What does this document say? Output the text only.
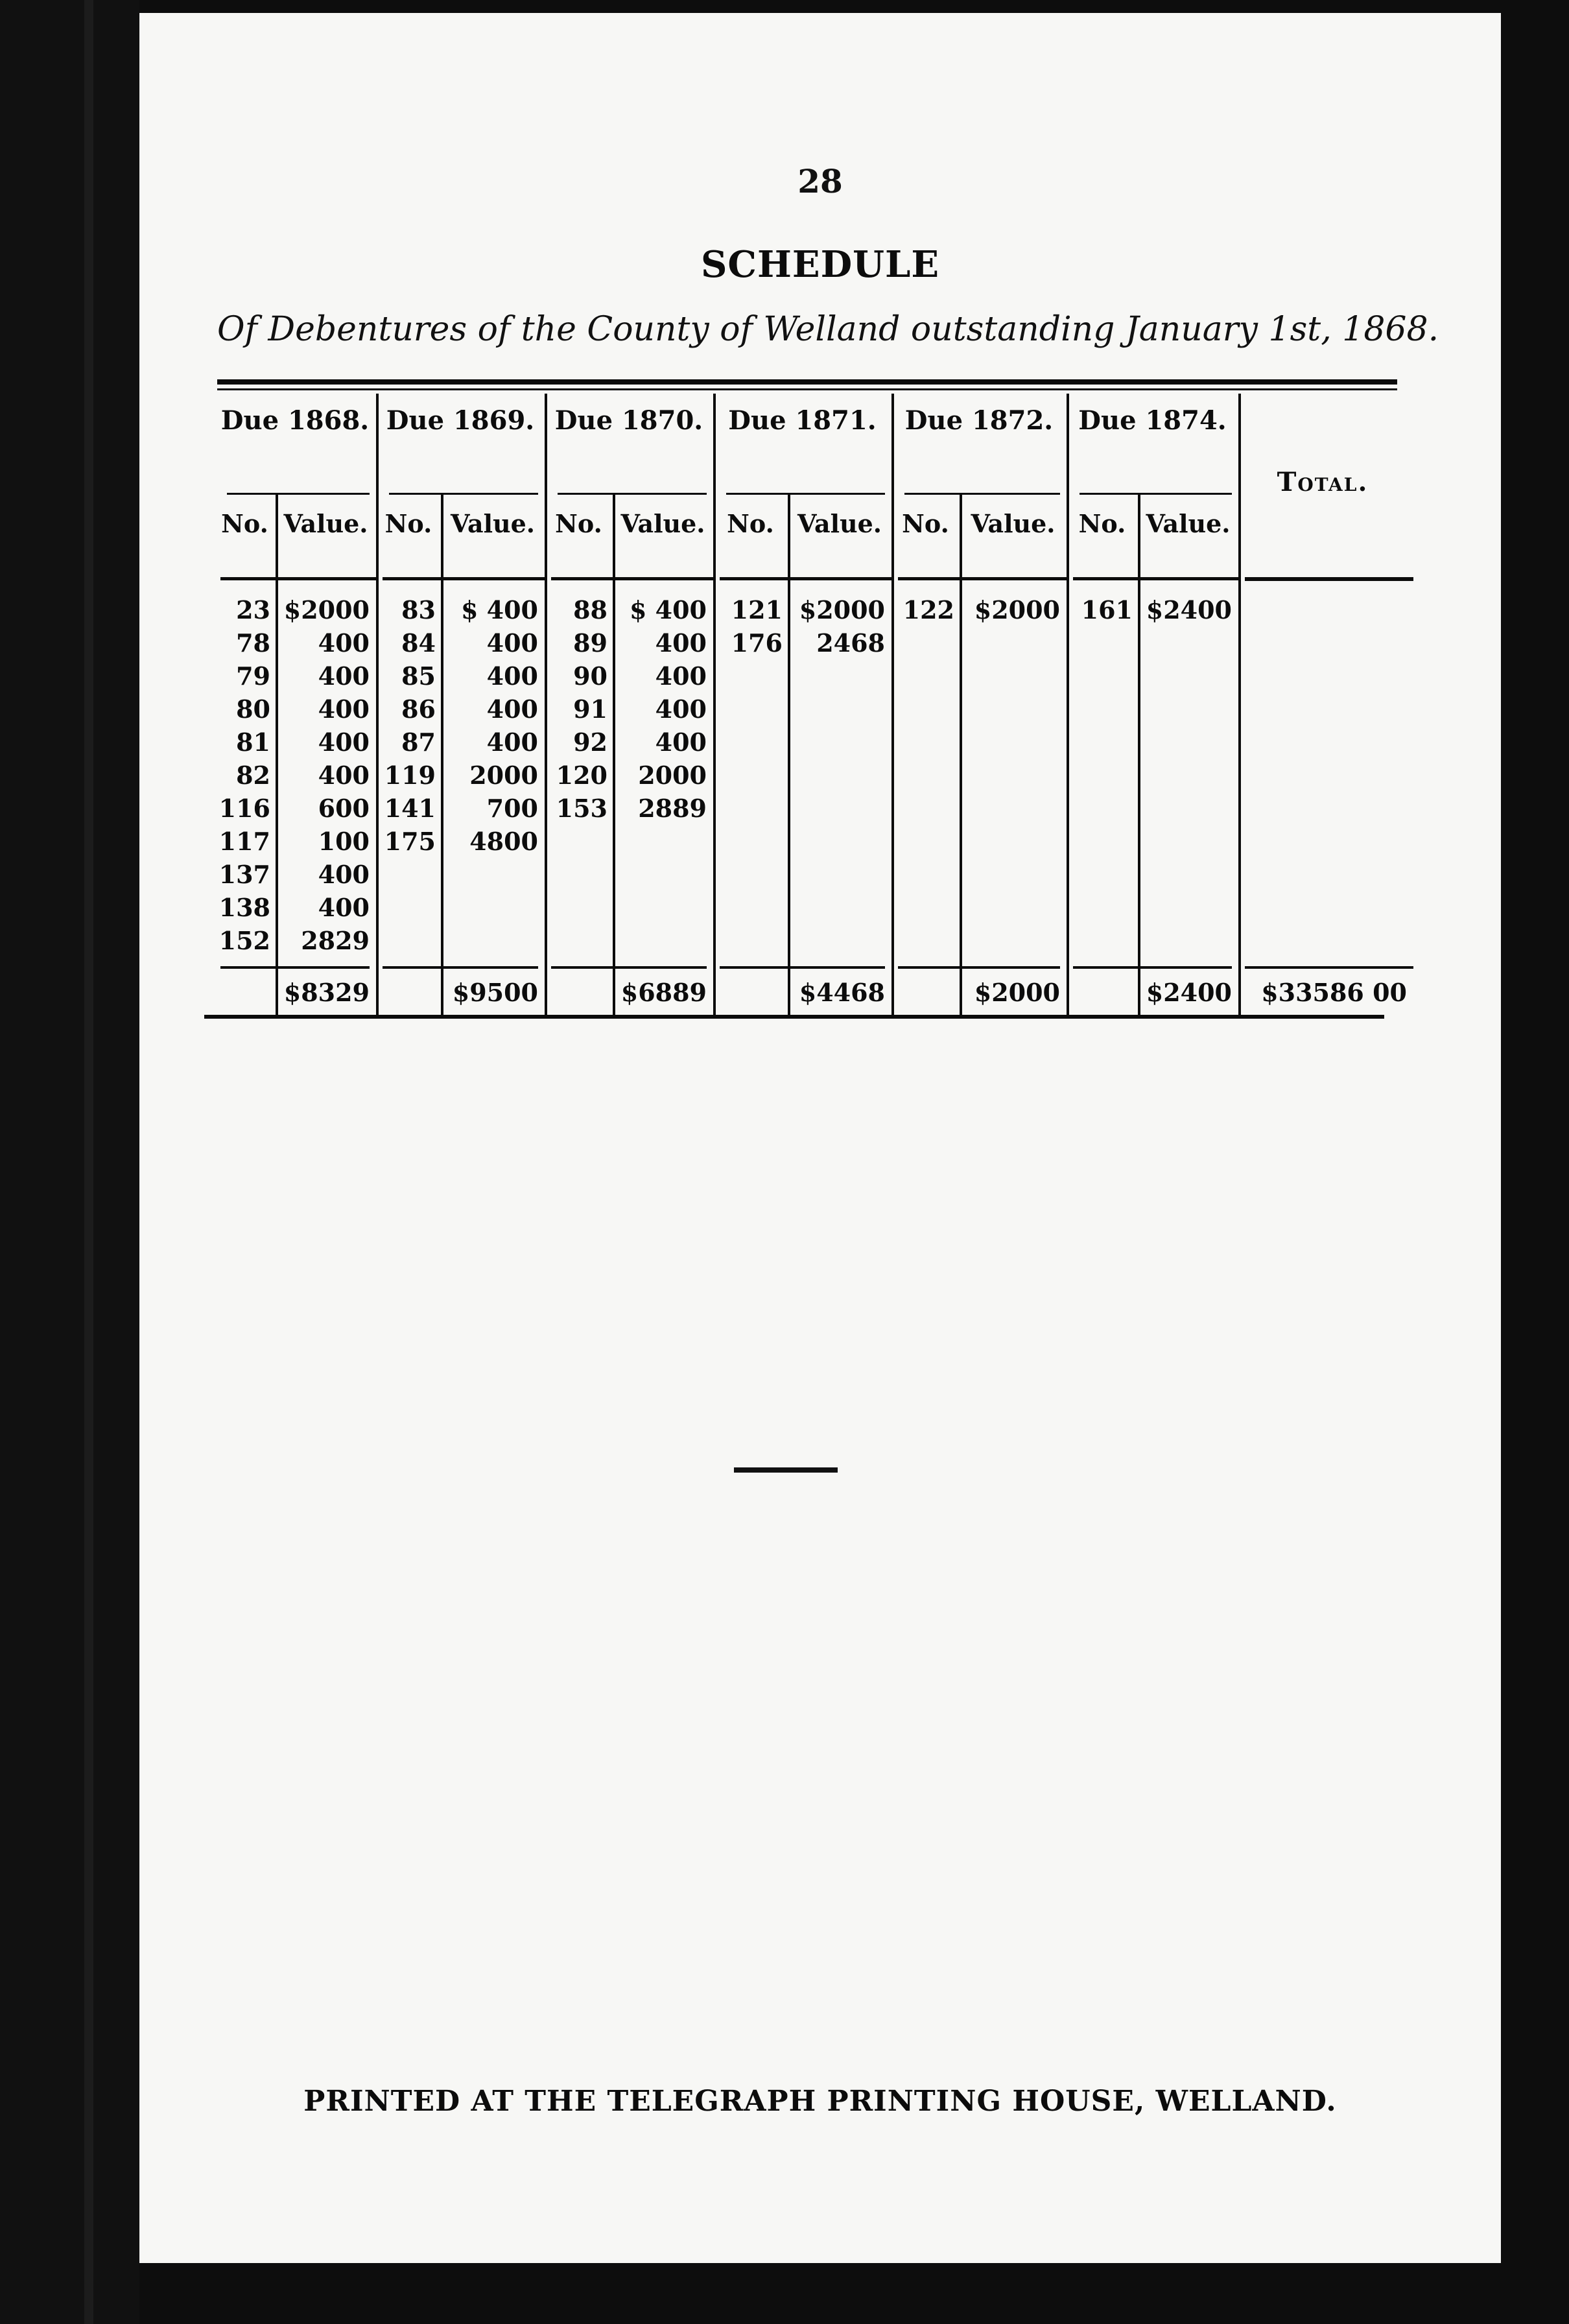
28
SCHEDULE
Of Debentures of the County of Welland outstanding January 1st, 1868.
Due 1868.
No. Value.
23
78
79
80
81
82
116
117
137
138
152
$2000
400
400
400
400
400
600
100
400
400
2829
$8329
Due 1869.
No. Value.
83
84
85
86
87
119
141
175
$ 400
400
400
400
400
2000
700
4800
$9500
Due 1870.
No. Value.
88
89
90
91
92
120
153
$ 400
400
400
400
400
2000
2889
$6889
Due 1871.
No. Value.
121
176
$2000
2468
$4468
Due 1872.
No. Value.
122 $2000
$2000
Due 1874.
No. Value.
161 $2400
$2400
Total.
$33586 00
PRINTED AT THE TELEGRAPH PRINTING HOUSE, WELLAND.
